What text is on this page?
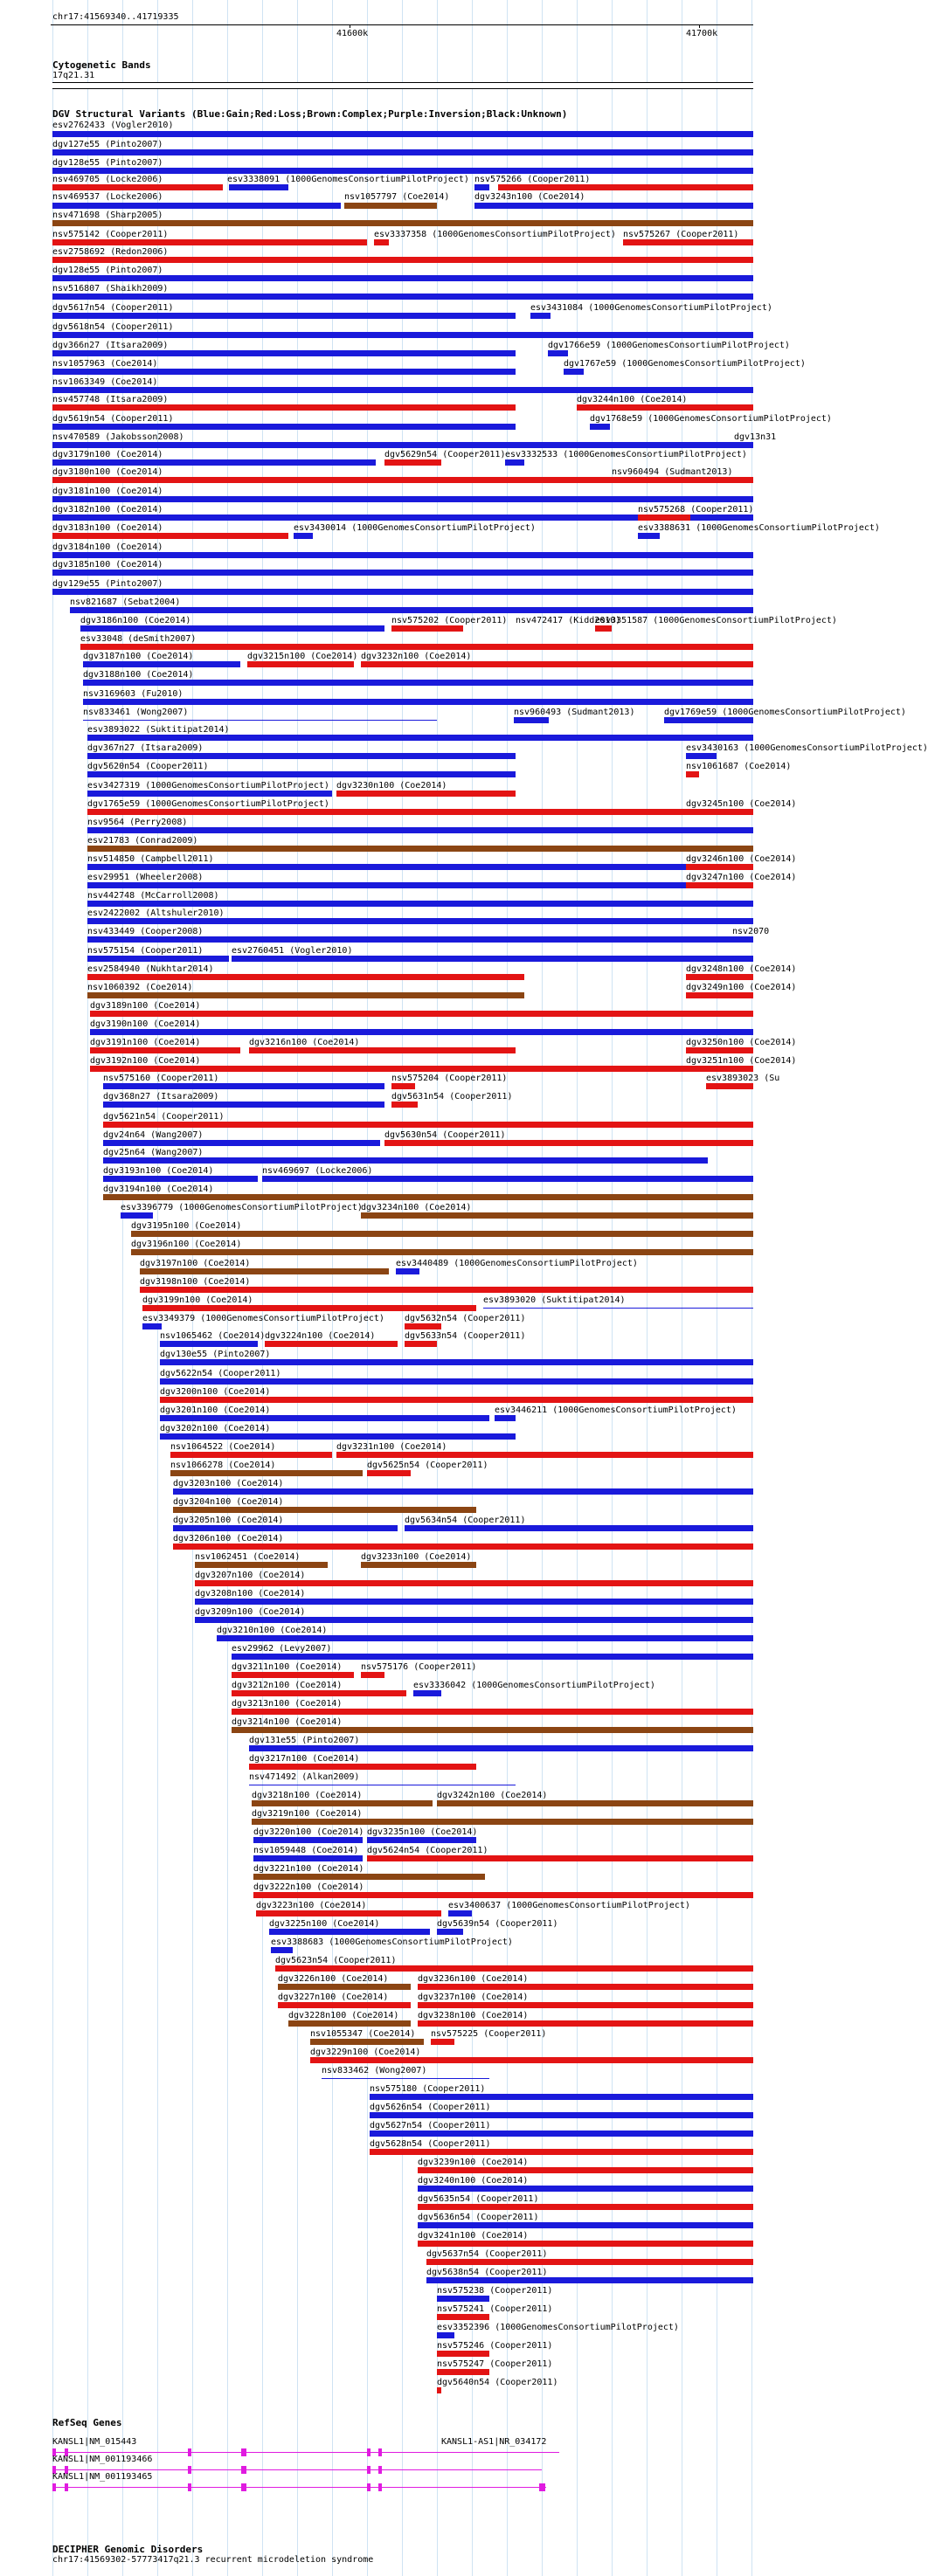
chr17:41569340..41719335
41600k	41700k
Cytogenetic Bands
17q21.31
DGV Structural Variants (Blue:Gain;Red:Loss;Brown:Complex;Purple:Inversion;Black:Unknown)
esv2762433 (Vogler2010)
dgv127e55 (Pinto2007)
dgv128e55 (Pinto2007)
nsv469705 (Locke2006)	esv3338091 (1000GenomesConsortiumPilotProject) nsv575266 (Cooper2011)
nsv469537 (Locke2006)	nsv1057797 (Coe2014)	dgv3243n100 (Coe2014)
nsv471698 (Sharp2005)
nsv575142 (Cooper2011)	esv3337358 (1000GenomesConsortiumPilotProject) nsv575267 (Cooper2011)
esv2758692 (Redon2006)
dgv128e55 (Pinto2007)
nsv516807 (Shaikh2009)
dgv5617n54 (Cooper2011)	esv3431084 (1000GenomesConsortiumPilotProject)
dgv5618n54 (Cooper2011)
dgv366n27 (Itsara2009)	dgv1766e59 (1000GenomesConsortiumPilotProject)
nsv1057963 (Coe2014)	dgv1767e59 (1000GenomesConsortiumPilotProject)
nsv1063349 (Coe2014)
nsv457748 (Itsara2009)	dgv3244n100 (Coe2014)
dgv5619n54 (Cooper2011)	dgv1768e59 (1000GenomesConsortiumPilotProject)
nsv470589 (Jakobsson2008)	dgv13n31
dgv3179n100 (Coe2014)	dgv5629n54 (Cooper2011) esv3332533 (1000GenomesConsortiumPilotProject)
dgv3180n100 (Coe2014)	nsv960494 (Sudmant2013)
dgv3181n100 (Coe2014)
dgv3182n100 (Coe2014)	nsv575268 (Cooper2011)
dgv3183n100 (Coe2014)	esv3430014 (1000GenomesConsortiumPilotProject)	esv3388631 (1000GenomesConsortiumPilotProject)
dgv3184n100 (Coe2014)
dgv3185n100 (Coe2014)
dgv129e55 (Pinto2007)
nsv821687 (Sebat2004)
dgv3186n100 (Coe2014)	nsv575202 (Cooper2011) nsv472417 (Kidd2010)
esv3351587 (1000GenomesConsortiumPilotProject)
esv33048 (deSmith2007)
dgv3187n100 (Coe2014)	dgv3215n100 (Coe2014) dgv3232n100 (Coe2014)
dgv3188n100 (Coe2014)
nsv3169603 (Fu2010)
nsv833461 (Wong2007)	nsv960493 (Sudmant2013)	dgv1769e59 (1000GenomesConsortiumPilotProject)
esv3893022 (Suktitipat2014)
dgv367n27 (Itsara2009)	esv3430163 (1000GenomesConsortiumPilotProject)
dgv5620n54 (Cooper2011)	nsv1061687 (Coe2014)
esv3427319 (1000GenomesConsortiumPilotProject) dgv3230n100 (Coe2014)
dgv1765e59 (1000GenomesConsortiumPilotProject)	dgv3245n100 (Coe2014)
nsv9564 (Perry2008)
esv21783 (Conrad2009)
nsv514850 (Campbell2011)	dgv3246n100 (Coe2014)
esv29951 (Wheeler2008)	dgv3247n100 (Coe2014)
nsv442748 (McCarroll2008)
esv2422002 (Altshuler2010)
nsv433449 (Cooper2008)	nsv2070
nsv575154 (Cooper2011)	esv2760451 (Vogler2010)
esv2584940 (Nukhtar2014)	dgv3248n100 (Coe2014)
nsv1060392 (Coe2014)	dgv3249n100 (Coe2014)
dgv3189n100 (Coe2014)
dgv3190n100 (Coe2014)
dgv3191n100 (Coe2014)	dgv3216n100 (Coe2014)	dgv3250n100 (Coe2014)
dgv3192n100 (Coe2014)	dgv3251n100 (Coe2014)
nsv575160 (Cooper2011)	nsv575204 (Cooper2011)	esv3893023 (Su
dgv368n27 (Itsara2009)	dgv5631n54 (Cooper2011)
dgv5621n54 (Cooper2011)
dgv24n64 (Wang2007)	dgv5630n54 (Cooper2011)
dgv25n64 (Wang2007)
dgv3193n100 (Coe2014)	nsv469697 (Locke2006)
dgv3194n100 (Coe2014)
esv3396779 (1000GenomesConsortiumPilotProject)
dgv3234n100 (Coe2014)
dgv3195n100 (Coe2014)
dgv3196n100 (Coe2014)
dgv3197n100 (Coe2014)	esv3440489 (1000GenomesConsortiumPilotProject)
dgv3198n100 (Coe2014)
dgv3199n100 (Coe2014)	esv3893020 (Suktitipat2014)
esv3349379 (1000GenomesConsortiumPilotProject) dgv5632n54 (Cooper2011)
nsv1065462 (Coe2014) dgv3224n100 (Coe2014)	dgv5633n54 (Cooper2011)
dgv130e55 (Pinto2007)
dgv5622n54 (Cooper2011)
dgv3200n100 (Coe2014)
dgv3201n100 (Coe2014)	esv3446211 (1000GenomesConsortiumPilotProject)
dgv3202n100 (Coe2014)
nsv1064522 (Coe2014)	dgv3231n100 (Coe2014)
nsv1066278 (Coe2014)	dgv5625n54 (Cooper2011)
dgv3203n100 (Coe2014)
dgv3204n100 (Coe2014)
dgv3205n100 (Coe2014)	dgv5634n54 (Cooper2011)
dgv3206n100 (Coe2014)
nsv1062451 (Coe2014)	dgv3233n100 (Coe2014)
dgv3207n100 (Coe2014)
dgv3208n100 (Coe2014)
dgv3209n100 (Coe2014)
dgv3210n100 (Coe2014)
esv29962 (Levy2007)
dgv3211n100 (Coe2014) nsv575176 (Cooper2011)
dgv3212n100 (Coe2014)	esv3336042 (1000GenomesConsortiumPilotProject)
dgv3213n100 (Coe2014)
dgv3214n100 (Coe2014)
dgv131e55 (Pinto2007)
dgv3217n100 (Coe2014)
nsv471492 (Alkan2009)
dgv3218n100 (Coe2014)	dgv3242n100 (Coe2014)
dgv3219n100 (Coe2014)
dgv3220n100 (Coe2014) dgv3235n100 (Coe2014)
nsv1059448 (Coe2014) dgv5624n54 (Cooper2011)
dgv3221n100 (Coe2014)
dgv3222n100 (Coe2014)
dgv3223n100 (Coe2014)	esv3400637 (1000GenomesConsortiumPilotProject)
dgv3225n100 (Coe2014)	dgv5639n54 (Cooper2011)
esv3388683 (1000GenomesConsortiumPilotProject)
dgv5623n54 (Cooper2011)
dgv3226n100 (Coe2014)	dgv3236n100 (Coe2014)
dgv3227n100 (Coe2014)	dgv3237n100 (Coe2014)
dgv3228n100 (Coe2014) dgv3238n100 (Coe2014)
nsv1055347 (Coe2014) nsv575225 (Cooper2011)
dgv3229n100 (Coe2014)
nsv833462 (Wong2007)
nsv575180 (Cooper2011)
dgv5626n54 (Cooper2011)
dgv5627n54 (Cooper2011)
dgv5628n54 (Cooper2011)
dgv3239n100 (Coe2014)
dgv3240n100 (Coe2014)
dgv5635n54 (Cooper2011)
dgv5636n54 (Cooper2011)
dgv3241n100 (Coe2014)
dgv5637n54 (Cooper2011)
dgv5638n54 (Cooper2011)
nsv575238 (Cooper2011)
nsv575241 (Cooper2011)
esv3352396 (1000GenomesConsortiumPilotProject)
nsv575246 (Cooper2011)
nsv575247 (Cooper2011)
dgv5640n54 (Cooper2011)
RefSeq Genes
KANSL1|NM_015443	KANSL1-AS1|NR_034172
KANSL1|NM_001193466
KANSL1|NM_001193465
DECIPHER Genomic Disorders
chr17:41569302-57773417q21.3 recurrent microdeletion syndrome
